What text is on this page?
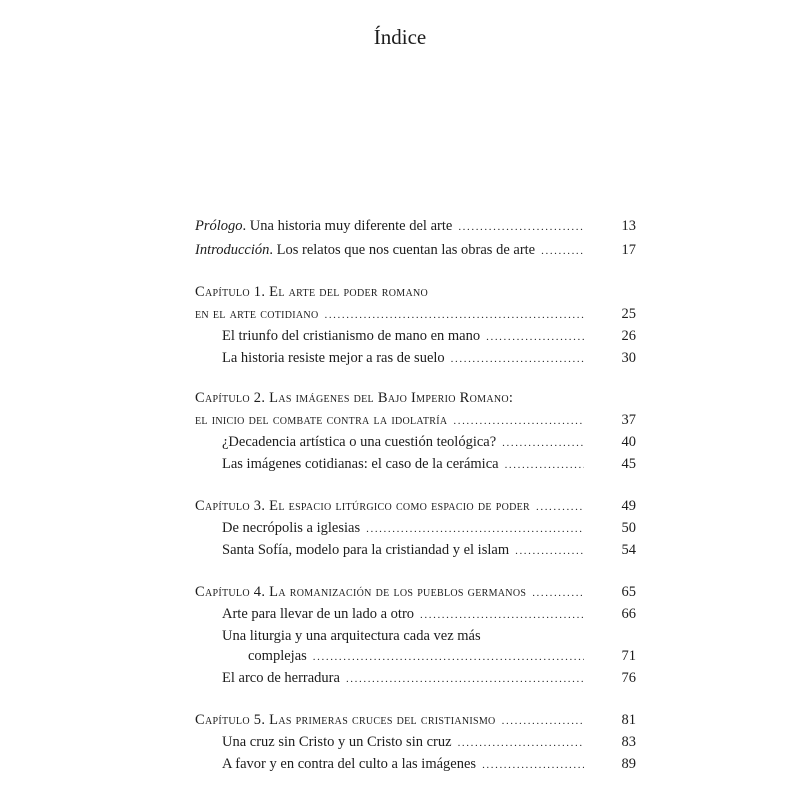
Índice
Prólogo. Una historia muy diferente del arte .....	13
Introducción. Los relatos que nos cuentan las obras de arte .....	17
Capítulo 1. El arte del poder romano
en el arte cotidiano .....	25
El triunfo del cristianismo de mano en mano .....	26
La historia resiste mejor a ras de suelo .....	30
Capítulo 2. Las imágenes del Bajo Imperio Romano:
el inicio del combate contra la idolatría .....	37
¿Decadencia artística o una cuestión teológica? .....	40
Las imágenes cotidianas: el caso de la cerámica .....	45
Capítulo 3. El espacio litúrgico como espacio de poder .....	49
De necrópolis a iglesias .....	50
Santa Sofía, modelo para la cristiandad y el islam .....	54
Capítulo 4. La romanización de los pueblos germanos .....	65
Arte para llevar de un lado a otro .....	66
Una liturgia y una arquitectura cada vez más
complejas .....	71
El arco de herradura .....	76
Capítulo 5. Las primeras cruces del cristianismo .....	81
Una cruz sin Cristo y un Cristo sin cruz .....	83
A favor y en contra del culto a las imágenes .....	89
